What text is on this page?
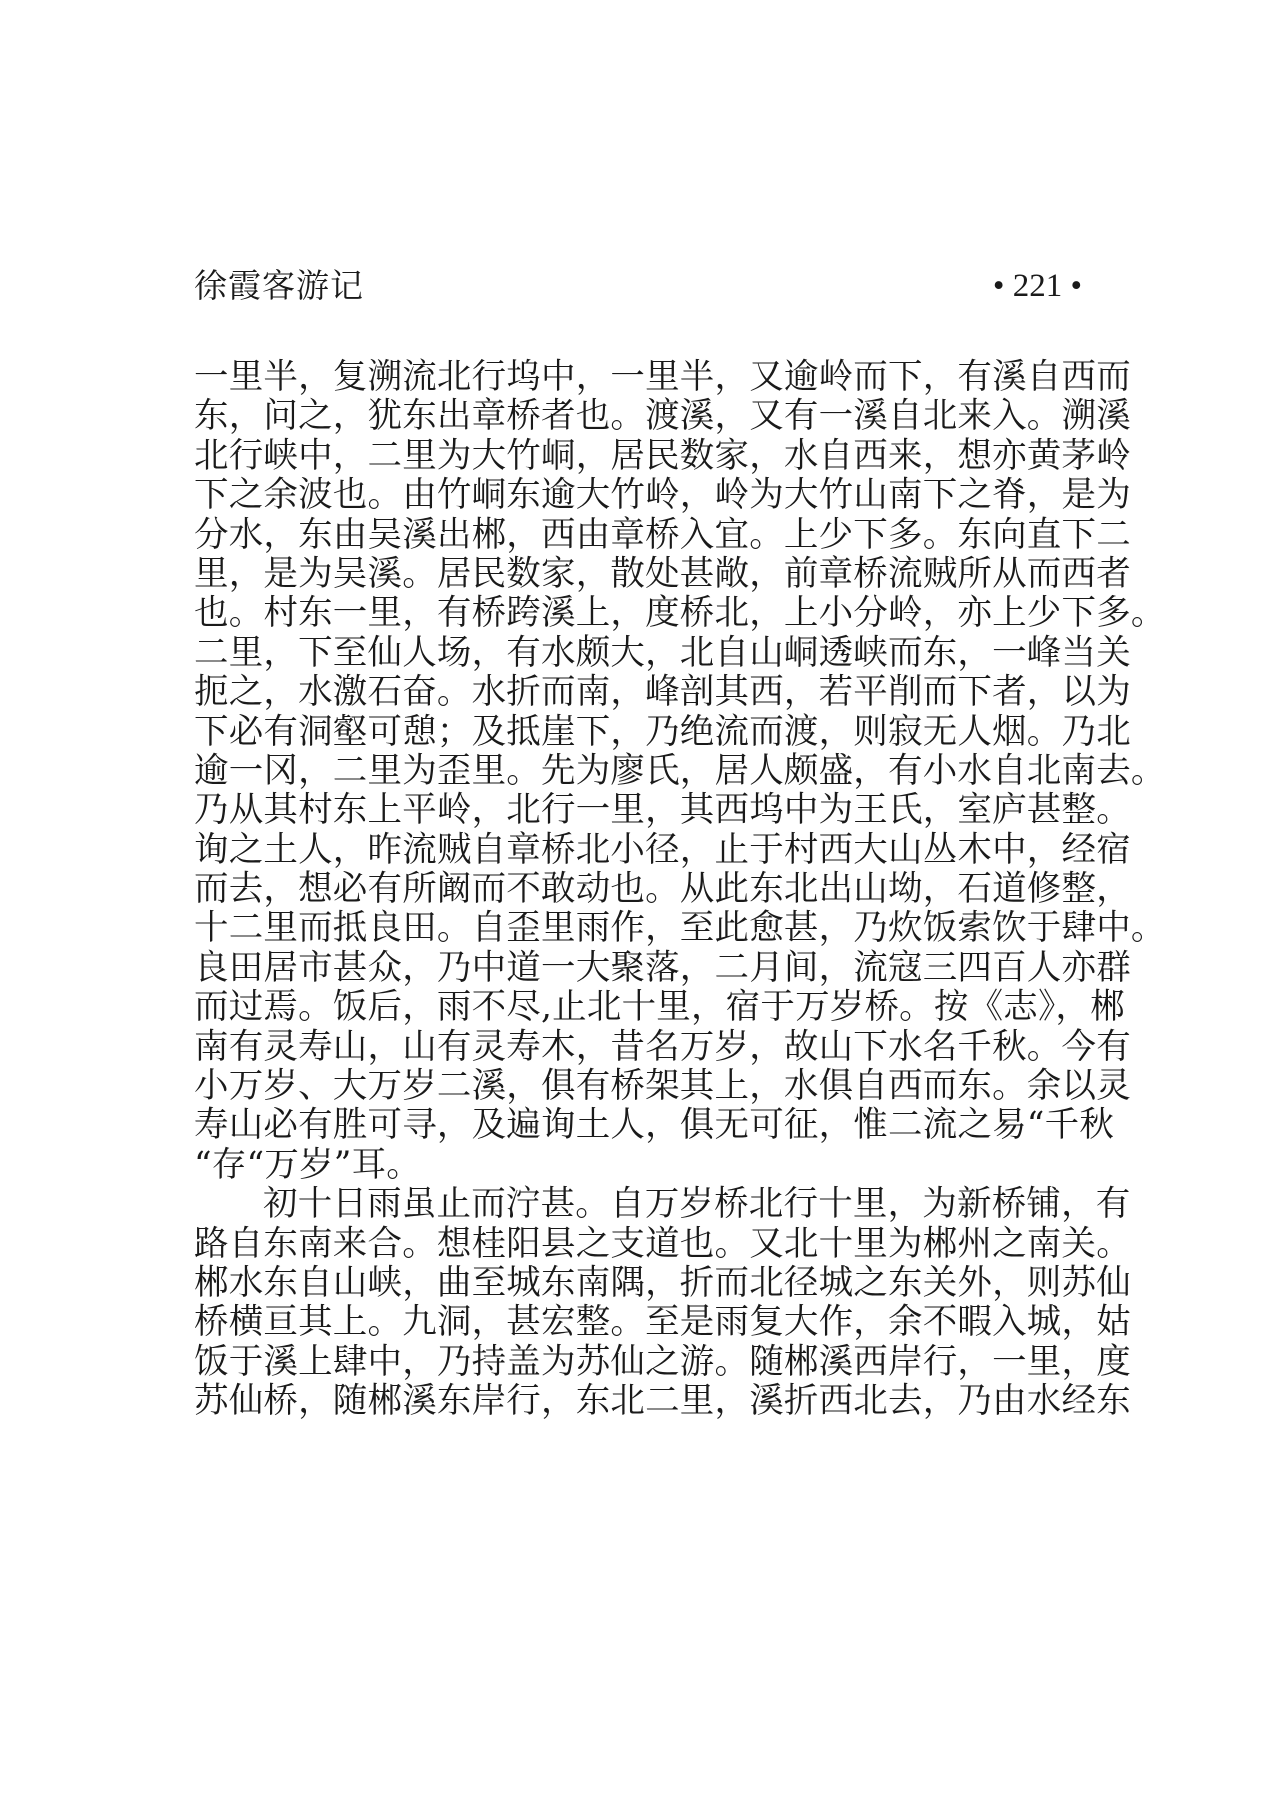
徐霞客游记	• 221 •
一里半，复溯流北行坞中，一里半，又逾岭而下，有溪自西而
东，问之，犹东出章桥者也。渡溪，又有一溪自北来入。溯溪
北行峡中，二里为大竹峒，居民数家，水自西来，想亦黄茅岭
下之余波也。由竹峒东逾大竹岭，岭为大竹山南下之脊，是为
分水，东由吴溪出郴，西由章桥入宜。上少下多。东向直下二
里，是为吴溪。居民数家，散处甚敞，前章桥流贼所从而西者
也。村东一里，有桥跨溪上，度桥北，上小分岭，亦上少下多。
二里，下至仙人场，有水颇大，北自山峒透峡而东，一峰当关
扼之，水激石奋。水折而南，峰剖其西，若平削而下者，以为
下必有洞壑可憩；及抵崖下，乃绝流而渡，则寂无人烟。乃北
逾一冈，二里为歪里。先为廖氏，居人颇盛，有小水自北南去。
乃从其村东上平岭，北行一里，其西坞中为王氏，室庐甚整。
询之土人，昨流贼自章桥北小径，止于村西大山丛木中，经宿
而去，想必有所阚而不敢动也。从此东北出山坳，石道修整，
十二里而抵良田。自歪里雨作，至此愈甚，乃炊饭索饮于肆中。
良田居市甚众，乃中道一大聚落，二月间，流寇三四百人亦群
而过焉。饭后，雨不尽,止北十里，宿于万岁桥。按《志》，郴
南有灵寿山，山有灵寿木，昔名万岁，故山下水名千秋。今有
小万岁、大万岁二溪，俱有桥架其上，水俱自西而东。余以灵
寿山必有胜可寻，及遍询土人，俱无可征，惟二流之易“千秋
“存“万岁”耳。
初十日雨虽止而泞甚。自万岁桥北行十里，为新桥铺，有
路自东南来合。想桂阳县之支道也。又北十里为郴州之南关。
郴水东自山峡，曲至城东南隅，折而北径城之东关外，则苏仙
桥横亘其上。九洞，甚宏整。至是雨复大作，余不暇入城，姑
饭于溪上肆中，乃持盖为苏仙之游。随郴溪西岸行，一里，度
苏仙桥，随郴溪东岸行，东北二里，溪折西北去，乃由水经东
